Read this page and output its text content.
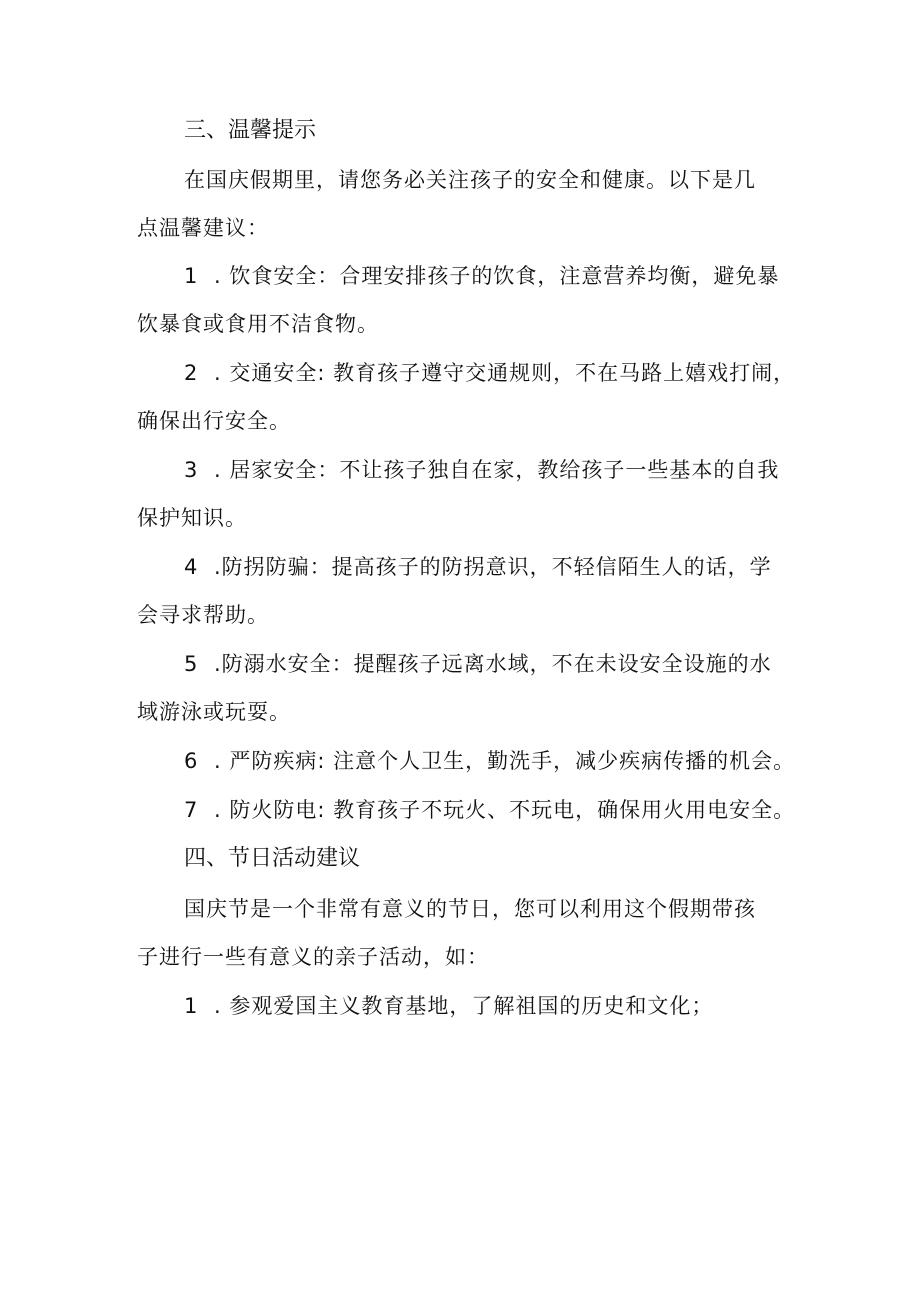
三、温馨提示
在国庆假期里，请您务必关注孩子的安全和健康。以下是几
点温馨建议：
1 . 饮食安全：合理安排孩子的饮食，注意营养均衡，避免暴
饮暴食或食用不洁食物。
2 . 交通安全: 教育孩子遵守交通规则，不在马路上嬉戏打闹，
确保出行安全。
3 . 居家安全：不让孩子独自在家，教给孩子一些基本的自我
保护知识。
4 .防拐防骗：提高孩子的防拐意识，不轻信陌生人的话，学
会寻求帮助。
5 .防溺水安全：提醒孩子远离水域，不在未设安全设施的水
域游泳或玩耍。
6 . 严防疾病: 注意个人卫生，勤洗手，减少疾病传播的机会。
7 . 防火防电: 教育孩子不玩火、不玩电，确保用火用电安全。
四、节日活动建议
国庆节是一个非常有意义的节日，您可以利用这个假期带孩
子进行一些有意义的亲子活动，如：
1 . 参观爱国主义教育基地，了解祖国的历史和文化；
